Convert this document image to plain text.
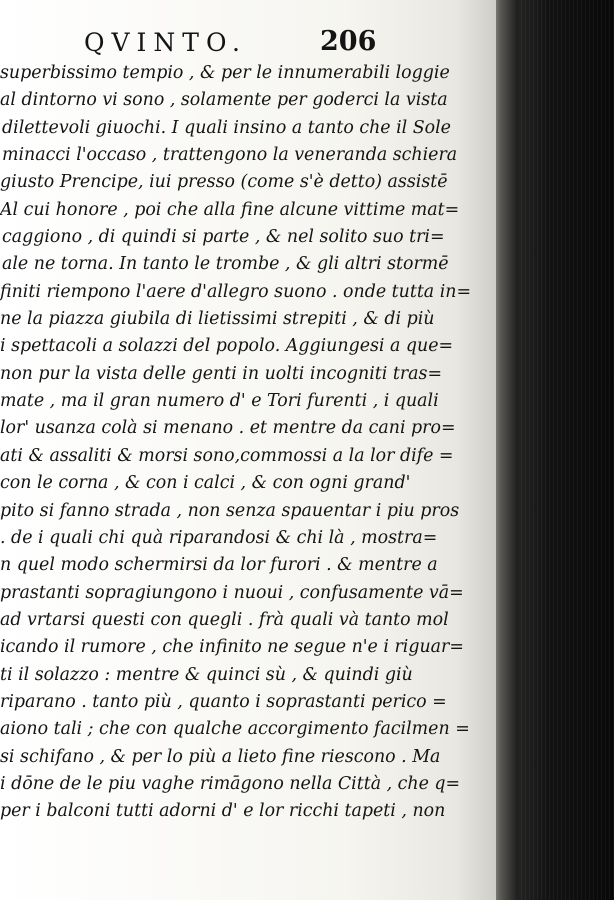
QVINTO.	206
superbissimo tempio , & per le innumerabili loggie
al dintorno vi sono , solamente per goderci la vista
dilettevoli giuochi. I quali insino a tanto che il Sole
minacci l'occaso , trattengono la veneranda schiera
giusto Prencipe, iui presso (come s'è detto) assistē
Al cui honore , poi che alla fine alcune vittime mat=
caggiono , di quindi si parte , & nel solito suo tri=
ale ne torna. In tanto le trombe , & gli altri stormē
finiti riempono l'aere d'allegro suono . onde tutta in=
ne la piazza giubila di lietissimi strepiti , & di più
i spettacoli a solazzi del popolo. Aggiungesi a que=
non pur la vista delle genti in uolti incogniti tras=
mate , ma il gran numero d' e Tori furenti , i quali
lor' usanza colà si menano . et mentre da cani pro=
ati & assaliti & morsi sono,commossi a la lor dife =
con le corna , & con i calci , & con ogni grand'
pito si fanno strada , non senza spauentar i piu pros
. de i quali chi quà riparandosi & chi là , mostra=
n quel modo schermirsi da lor furori . & mentre a
prastanti sopragiungono i nuoui , confusamente vā=
ad vrtarsi questi con quegli . frà quali và tanto mol
icando il rumore , che infinito ne segue n'e i riguar=
ti il solazzo : mentre & quinci sù , & quindi giù
riparano . tanto più , quanto i soprastanti perico =
aiono tali ; che con qualche accorgimento facilmen =
si schifano , & per lo più a lieto fine riescono . Ma
i dōne de le piu vaghe rimāgono nella Città , che q=
per i balconi tutti adorni d' e lor ricchi tapeti , non
